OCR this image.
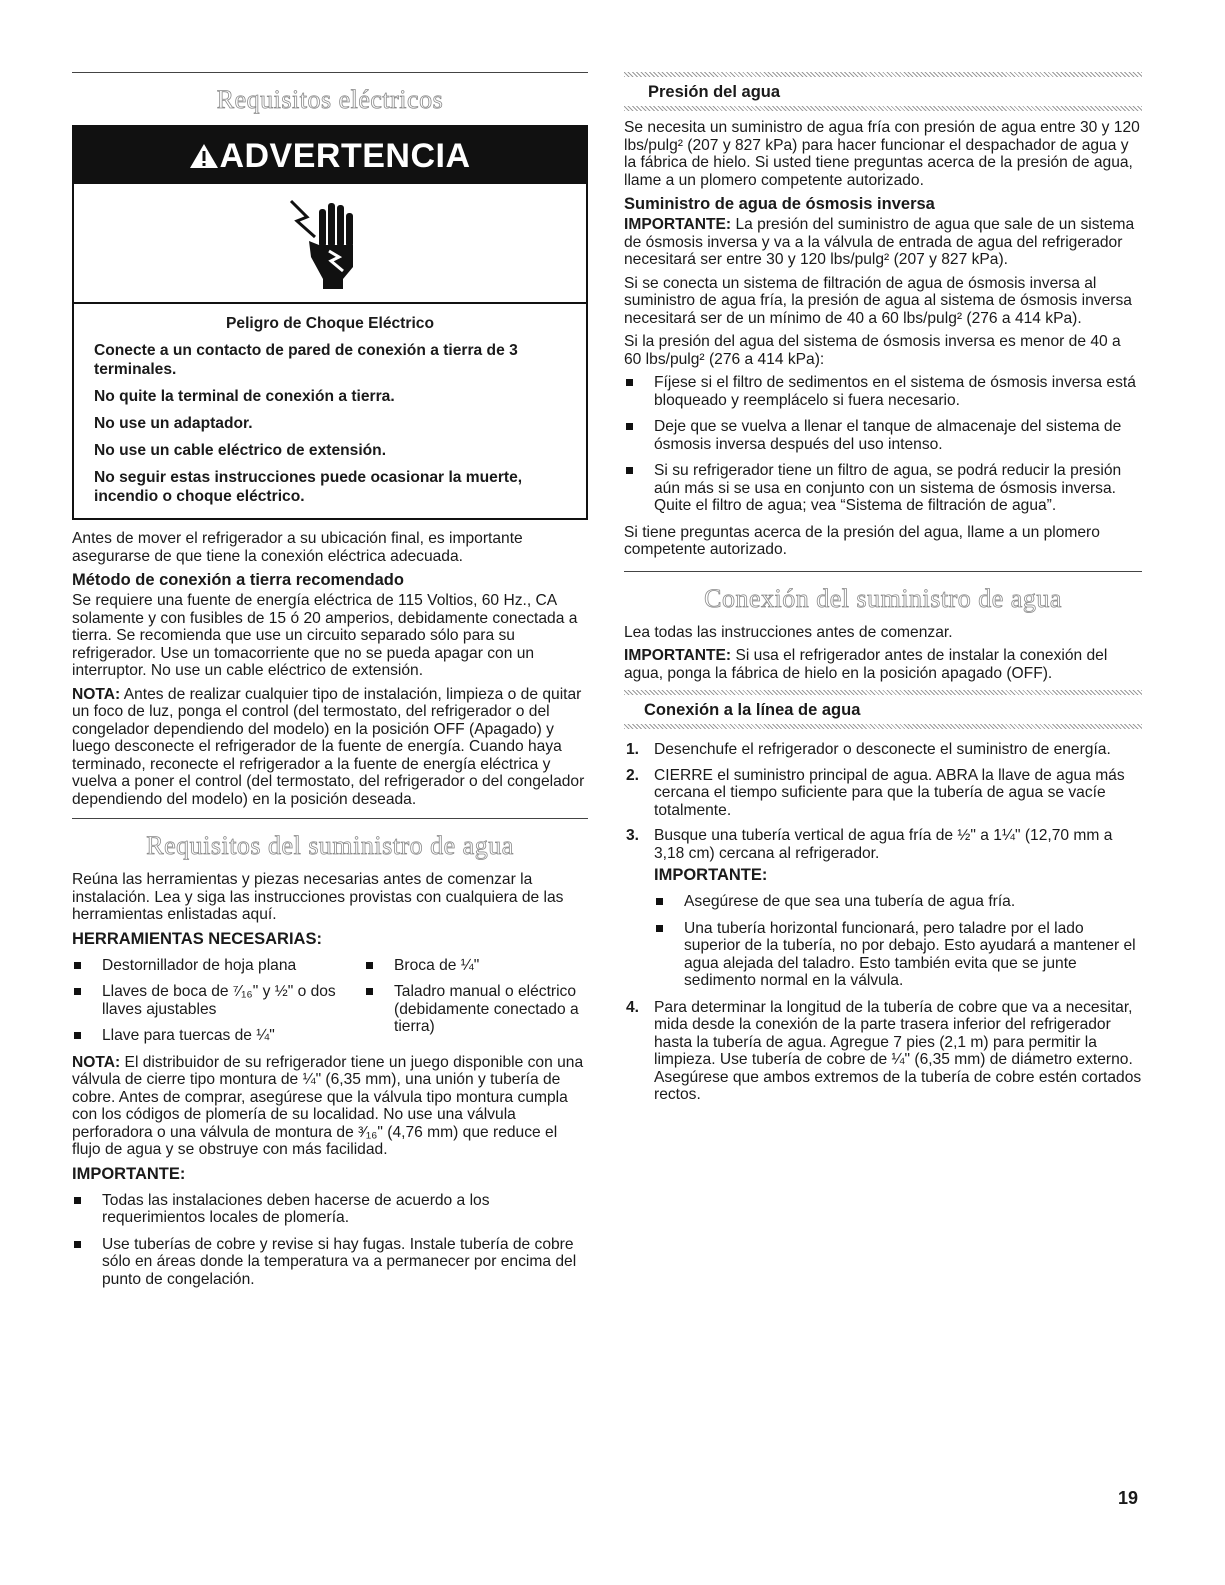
Requisitos eléctricos
ADVERTENCIA
Peligro de Choque Eléctrico
Conecte a un contacto de pared de conexión a tierra de 3 terminales.
No quite la terminal de conexión a tierra.
No use un adaptador.
No use un cable eléctrico de extensión.
No seguir estas instrucciones puede ocasionar la muerte, incendio o choque eléctrico.

Antes de mover el refrigerador a su ubicación final, es importante asegurarse de que tiene la conexión eléctrica adecuada.

Método de conexión a tierra recomendado

Se requiere una fuente de energía eléctrica de 115 Voltios, 60 Hz., CA solamente y con fusibles de 15 ó 20 amperios, debidamente conectada a tierra. Se recomienda que use un circuito separado sólo para su refrigerador. Use un tomacorriente que no se pueda apagar con un interruptor. No use un cable eléctrico de extensión.

NOTA: Antes de realizar cualquier tipo de instalación, limpieza o de quitar un foco de luz, ponga el control (del termostato, del refrigerador o del congelador dependiendo del modelo) en la posición OFF (Apagado) y luego desconecte el refrigerador de la fuente de energía. Cuando haya terminado, reconecte el refrigerador a la fuente de energía eléctrica y vuelva a poner el control (del termostato, del refrigerador o del congelador dependiendo del modelo) en la posición deseada.

Requisitos del suministro de agua

Reúna las herramientas y piezas necesarias antes de comenzar la instalación. Lea y siga las instrucciones provistas con cualquiera de las herramientas enlistadas aquí.

HERRAMIENTAS NECESARIAS:
Destornillador de hoja plana
Llaves de boca de ⁷⁄₁₆" y ½" o dos llaves ajustables
Llave para tuercas de ¼"
Broca de ¼"
Taladro manual o eléctrico (debidamente conectado a tierra)

NOTA: El distribuidor de su refrigerador tiene un juego disponible con una válvula de cierre tipo montura de ¼" (6,35 mm), una unión y tubería de cobre. Antes de comprar, asegúrese que la válvula tipo montura cumpla con los códigos de plomería de su localidad. No use una válvula perforadora o una válvula de montura de ³⁄₁₆" (4,76 mm) que reduce el flujo de agua y se obstruye con más facilidad.

IMPORTANTE:
Todas las instalaciones deben hacerse de acuerdo a los requerimientos locales de plomería.
Use tuberías de cobre y revise si hay fugas. Instale tubería de cobre sólo en áreas donde la temperatura va a permanecer por encima del punto de congelación.
Presión del agua

Se necesita un suministro de agua fría con presión de agua entre 30 y 120 lbs/pulg² (207 y 827 kPa) para hacer funcionar el despachador de agua y la fábrica de hielo. Si usted tiene preguntas acerca de la presión de agua, llame a un plomero competente autorizado.

Suministro de agua de ósmosis inversa

IMPORTANTE: La presión del suministro de agua que sale de un sistema de ósmosis inversa y va a la válvula de entrada de agua del refrigerador necesitará ser entre 30 y 120 lbs/pulg² (207 y 827 kPa).

Si se conecta un sistema de filtración de agua de ósmosis inversa al suministro de agua fría, la presión de agua al sistema de ósmosis inversa necesitará ser de un mínimo de 40 a 60 lbs/pulg² (276 a 414 kPa).

Si la presión del agua del sistema de ósmosis inversa es menor de 40 a 60 lbs/pulg² (276 a 414 kPa):

Fíjese si el filtro de sedimentos en el sistema de ósmosis inversa está bloqueado y reemplácelo si fuera necesario.
Deje que se vuelva a llenar el tanque de almacenaje del sistema de ósmosis inversa después del uso intenso.
Si su refrigerador tiene un filtro de agua, se podrá reducir la presión aún más si se usa en conjunto con un sistema de ósmosis inversa. Quite el filtro de agua; vea “Sistema de filtración de agua”.

Si tiene preguntas acerca de la presión del agua, llame a un plomero competente autorizado.

Conexión del suministro de agua

Lea todas las instrucciones antes de comenzar.

IMPORTANTE: Si usa el refrigerador antes de instalar la conexión del agua, ponga la fábrica de hielo en la posición apagado (OFF).

Conexión a la línea de agua
1. Desenchufe el refrigerador o desconecte el suministro de energía.
2. CIERRE el suministro principal de agua. ABRA la llave de agua más cercana el tiempo suficiente para que la tubería de agua se vacíe totalmente.
3. Busque una tubería vertical de agua fría de ½" a 1¼" (12,70 mm a 3,18 cm) cercana al refrigerador.
IMPORTANTE:
Asegúrese de que sea una tubería de agua fría.
Una tubería horizontal funcionará, pero taladre por el lado superior de la tubería, no por debajo. Esto ayudará a mantener el agua alejada del taladro. Esto también evita que se junte sedimento normal en la válvula.
4. Para determinar la longitud de la tubería de cobre que va a necesitar, mida desde la conexión de la parte trasera inferior del refrigerador hasta la tubería de agua. Agregue 7 pies (2,1 m) para permitir la limpieza. Use tubería de cobre de ¼" (6,35 mm) de diámetro externo. Asegúrese que ambos extremos de la tubería de cobre estén cortados rectos.
19
